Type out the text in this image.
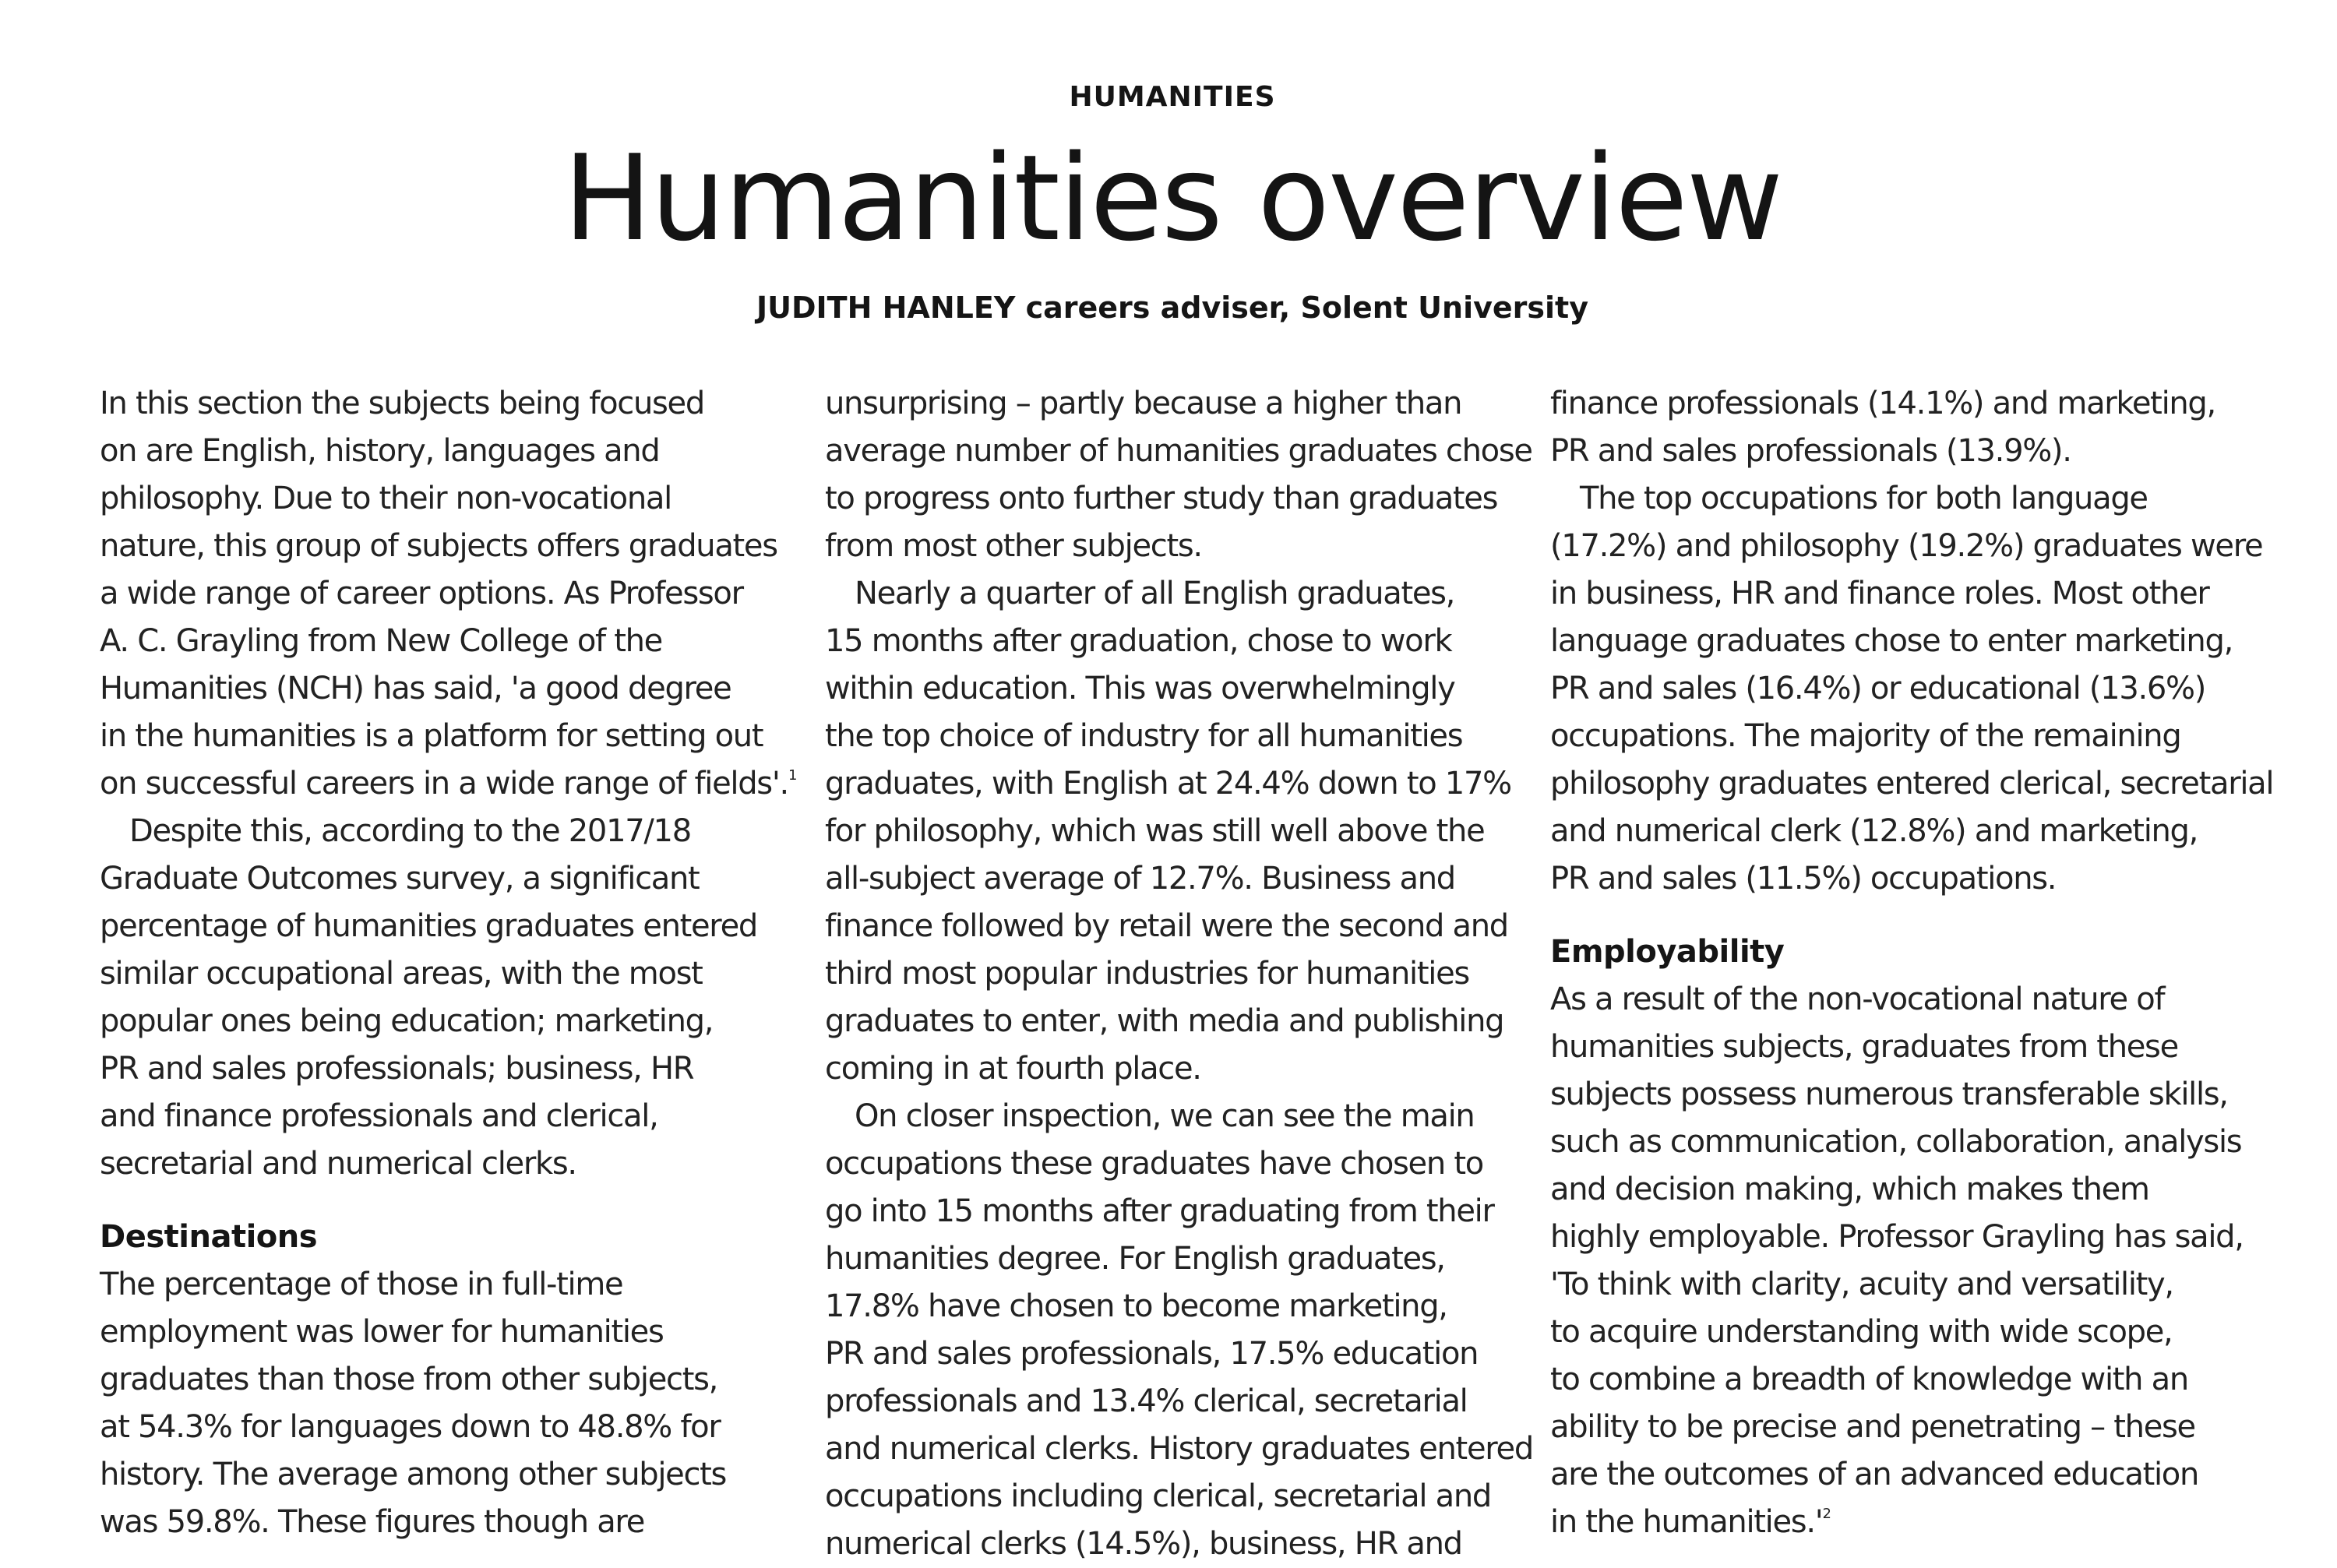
HUMANITIES
Humanities overview
JUDITH HANLEY careers adviser, Solent University
In this section the subjects being focused
on are English, history, languages and
philosophy. Due to their non-vocational
nature, this group of subjects offers graduates
a wide range of career options. As Professor
A. C. Grayling from New College of the
Humanities (NCH) has said, 'a good degree
in the humanities is a platform for setting out
on successful careers in a wide range of fields'.$^1$
Despite this, according to the 2017/18
Graduate Outcomes survey, a significant
percentage of humanities graduates entered
similar occupational areas, with the most
popular ones being education; marketing,
PR and sales professionals; business, HR
and finance professionals and clerical,
secretarial and numerical clerks.
Destinations
The percentage of those in full-time
employment was lower for humanities
graduates than those from other subjects,
at 54.3% for languages down to 48.8% for
history. The average among other subjects
was 59.8%. These figures though are
unsurprising – partly because a higher than
average number of humanities graduates chose
to progress onto further study than graduates
from most other subjects.
Nearly a quarter of all English graduates,
15 months after graduation, chose to work
within education. This was overwhelmingly
the top choice of industry for all humanities
graduates, with English at 24.4% down to 17%
for philosophy, which was still well above the
all-subject average of 12.7%. Business and
finance followed by retail were the second and
third most popular industries for humanities
graduates to enter, with media and publishing
coming in at fourth place.
On closer inspection, we can see the main
occupations these graduates have chosen to
go into 15 months after graduating from their
humanities degree. For English graduates,
17.8% have chosen to become marketing,
PR and sales professionals, 17.5% education
professionals and 13.4% clerical, secretarial
and numerical clerks. History graduates entered
occupations including clerical, secretarial and
numerical clerks (14.5%), business, HR and
finance professionals (14.1%) and marketing,
PR and sales professionals (13.9%).
The top occupations for both language
(17.2%) and philosophy (19.2%) graduates were
in business, HR and finance roles. Most other
language graduates chose to enter marketing,
PR and sales (16.4%) or educational (13.6%)
occupations. The majority of the remaining
philosophy graduates entered clerical, secretarial
and numerical clerk (12.8%) and marketing,
PR and sales (11.5%) occupations.
Employability
As a result of the non-vocational nature of
humanities subjects, graduates from these
subjects possess numerous transferable skills,
such as communication, collaboration, analysis
and decision making, which makes them
highly employable. Professor Grayling has said,
'To think with clarity, acuity and versatility,
to acquire understanding with wide scope,
to combine a breadth of knowledge with an
ability to be precise and penetrating – these
are the outcomes of an advanced education
in the $humanities.'^2$
